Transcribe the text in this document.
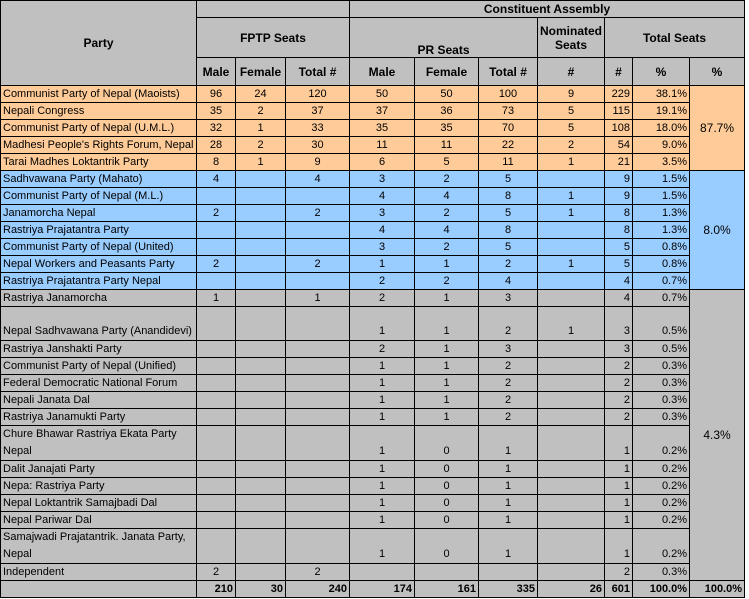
Party				Constituent Assembly						
	FPTP Seats			PR Seats			Nominated Seats	Total Seats		
	Male	Female	Total #	Male	Female	Total #	#	#	%	%
Communist Party of Nepal (Maoists)	96	24	120	50	50	100	9	229	38.1%	87.7%
Nepali Congress	35	2	37	37	36	73	5	115	19.1%	
Communist Party of Nepal (U.M.L.)	32	1	33	35	35	70	5	108	18.0%	
Madhesi People's Rights Forum, Nepal	28	2	30	11	11	22	2	54	9.0%	
Tarai Madhes Loktantrik Party	8	1	9	6	5	11	1	21	3.5%	
Sadhvawana Party (Mahato)	4		4	3	2	5		9	1.5%	8.0%
Communist Party of Nepal (M.L.)				4	4	8	1	9	1.5%	
Janamorcha Nepal	2		2	3	2	5	1	8	1.3%	
Rastriya Prajatantra Party				4	4	8		8	1.3%	
Communist Party of Nepal (United)				3	2	5		5	0.8%	
Nepal Workers and Peasants Party	2		2	1	1	2	1	5	0.8%	
Rastriya Prajatantra Party Nepal				2	2	4		4	0.7%	
Rastriya Janamorcha	1		1	2	1	3		4	0.7%	4.3%
Nepal Sadhvawana Party (Anandidevi)				1	1	2	1	3	0.5%	
Rastriya Janshakti Party				2	1	3		3	0.5%	
Communist Party of Nepal (Unified)				1	1	2		2	0.3%	
Federal Democratic National Forum				1	1	2		2	0.3%	
Nepali Janata Dal				1	1	2		2	0.3%	
Rastriya Janamukti Party				1	1	2		2	0.3%	
Chure Bhawar Rastriya Ekata Party Nepal				1	0	1		1	0.2%	
Dalit Janajati Party				1	0	1		1	0.2%	
Nepa: Rastriya Party				1	0	1		1	0.2%	
Nepal Loktantrik Samajbadi Dal				1	0	1		1	0.2%	
Nepal Pariwar Dal				1	0	1		1	0.2%	
Samajwadi Prajatantrik. Janata Party, Nepal				1	0	1		1	0.2%	
Independent	2		2					2	0.3%	
	210	30	240	174	161	335	26	601	100.0%	100.0%
